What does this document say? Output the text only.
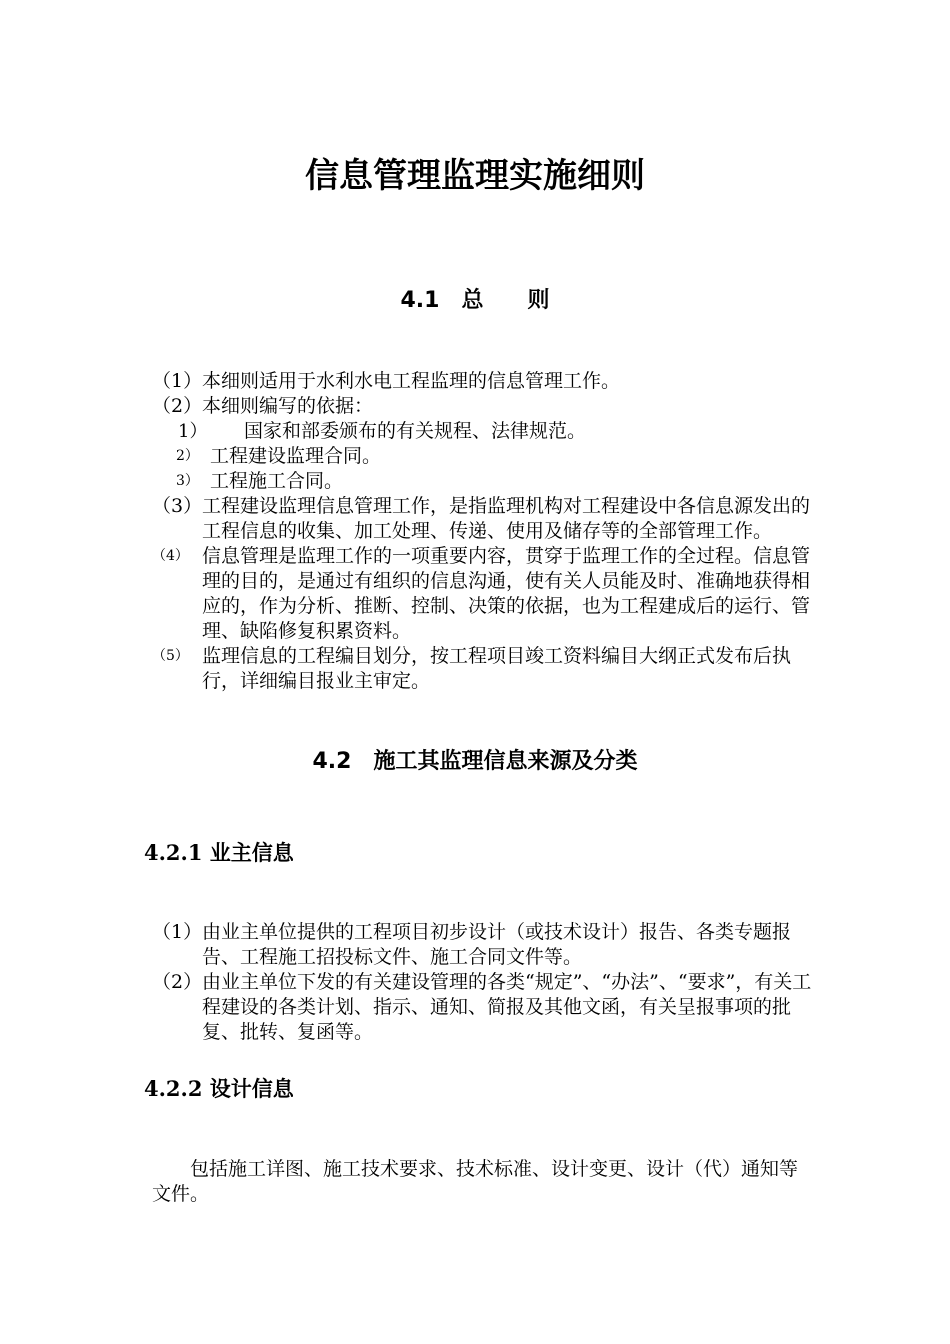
信息管理监理实施细则
4.1　总　　则
（1） 本细则适用于水利水电工程监理的信息管理工作。
（2） 本细则编写的依据：
1） 国家和部委颁布的有关规程、法律规范。
2） 工程建设监理合同。
3） 工程施工合同。
（3） 工程建设监理信息管理工作，是指监理机构对工程建设中各信息源发出的工程信息的收集、加工处理、传递、使用及储存等的全部管理工作。
（4） 信息管理是监理工作的一项重要内容，贯穿于监理工作的全过程。信息管理的目的，是通过有组织的信息沟通，使有关人员能及时、准确地获得相应的，作为分析、推断、控制、决策的依据，也为工程建成后的运行、管理、缺陷修复积累资料。
（5） 监理信息的工程编目划分，按工程项目竣工资料编目大纲正式发布后执行，详细编目报业主审定。
4.2　施工其监理信息来源及分类
4.2.1 业主信息
（1） 由业主单位提供的工程项目初步设计（或技术设计）报告、各类专题报告、工程施工招投标文件、施工合同文件等。
（2） 由业主单位下发的有关建设管理的各类“规定”、“办法”、“要求”，有关工程建设的各类计划、指示、通知、简报及其他文函，有关呈报事项的批复、批转、复函等。
4.2.2 设计信息
包括施工详图、施工技术要求、技术标准、设计变更、设计（代）通知等文件。
